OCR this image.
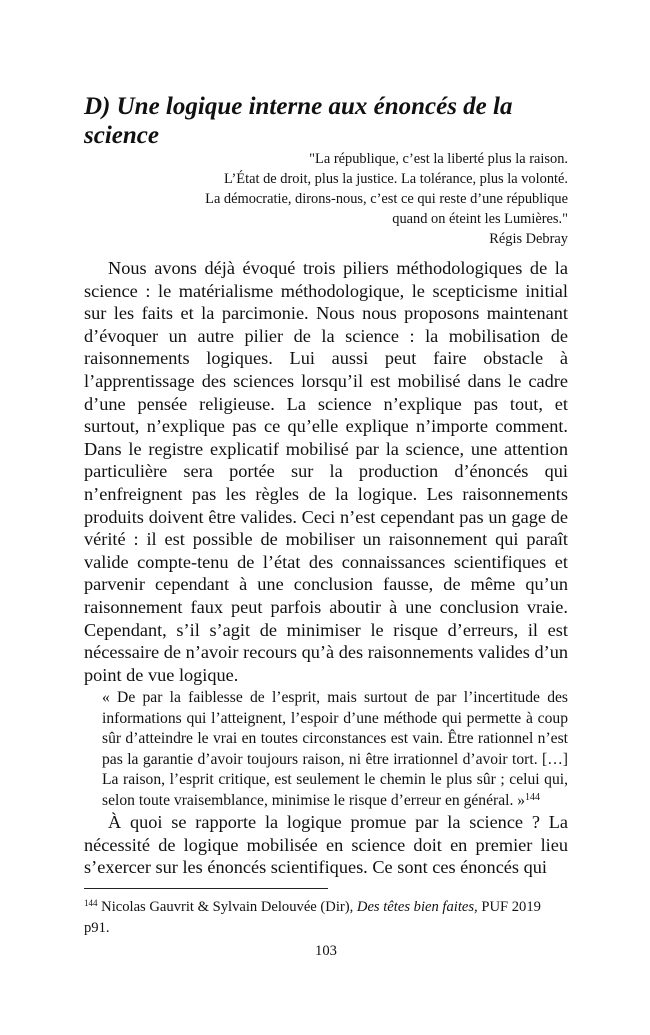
D) Une logique interne aux énoncés de la science
"La république, c’est la liberté plus la raison.
L’État de droit, plus la justice. La tolérance, plus la volonté.
La démocratie, dirons-nous, c’est ce qui reste d’une république
quand on éteint les Lumières."
Régis Debray

Nous avons déjà évoqué trois piliers méthodologiques de la science : le matérialisme méthodologique, le scepticisme initial sur les faits et la parcimonie. Nous nous proposons maintenant d’évoquer un autre pilier de la science : la mobilisation de raisonnements logiques. Lui aussi peut faire obstacle à l’apprentissage des sciences lorsqu’il est mobilisé dans le cadre d’une pensée religieuse. La science n’explique pas tout, et surtout, n’explique pas ce qu’elle explique n’importe comment. Dans le registre explicatif mobilisé par la science, une attention particulière sera portée sur la production d’énoncés qui n’enfreignent pas les règles de la logique. Les raisonnements produits doivent être valides. Ceci n’est cependant pas un gage de vérité : il est possible de mobiliser un raisonnement qui paraît valide compte-tenu de l’état des connaissances scientifiques et parvenir cependant à une conclusion fausse, de même qu’un raisonnement faux peut parfois aboutir à une conclusion vraie. Cependant, s’il s’agit de minimiser le risque d’erreurs, il est nécessaire de n’avoir recours qu’à des raisonnements valides d’un point de vue logique.

« De par la faiblesse de l’esprit, mais surtout de par l’incertitude des informations qui l’atteignent, l’espoir d’une méthode qui permette à coup sûr d’atteindre le vrai en toutes circonstances est vain. Être rationnel n’est pas la garantie d’avoir toujours raison, ni être irrationnel d’avoir tort. […] La raison, l’esprit critique, est seulement le chemin le plus sûr ; celui qui, selon toute vraisemblance, minimise le risque d’erreur en général. »$^{144}$

À quoi se rapporte la logique promue par la science ? La nécessité de logique mobilisée en science doit en premier lieu s’exercer sur les énoncés scientifiques. Ce sont ces énoncés qui

$^{144}$ Nicolas Gauvrit & Sylvain Delouvée (Dir), Des têtes bien faites, PUF 2019 p91.

103
